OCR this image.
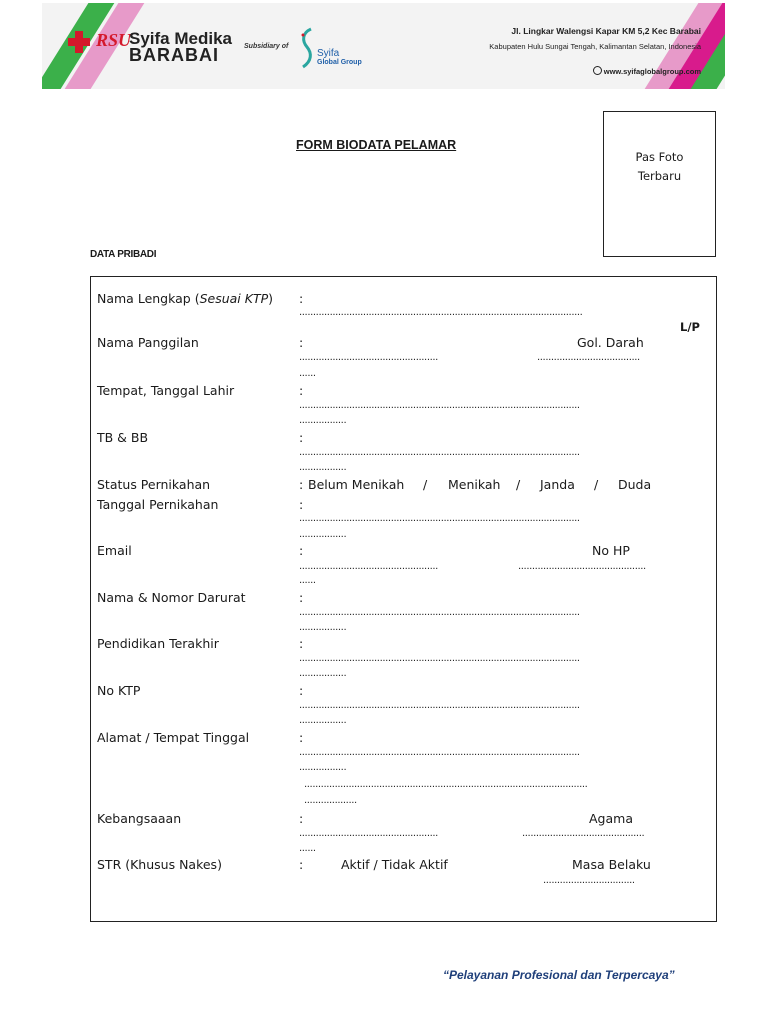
RSU
Syifa Medika
BARABAI	Subsidiary of
Syifa
Global Group
Jl. Lingkar Walengsi Kapar KM 5,2 Kec Barabai
Kabupaten Hulu Sungai Tengah, Kalimantan Selatan, Indonesia
www.syifaglobalgroup.com
FORM BIODATA PELAMAR
Pas Foto
Terbaru
DATA PRIBADI
Nama Lengkap (Sesuai KTP) :
......................................................................................................
L/P
Nama Panggilan	:	Gol. Darah
..................................................	.....................................
......
Tempat, Tanggal Lahir	:
.....................................................................................................
.................
TB & BB	:
.....................................................................................................
.................
Status Pernikahan	: Belum Menikah / Menikah / Janda / Duda
Tanggal Pernikahan	:
.....................................................................................................
.................
Email	:	No HP
..................................................	..............................................
......
Nama & Nomor Darurat	:
.....................................................................................................
.................
Pendidikan Terakhir	:
.....................................................................................................
.................
No KTP	:
.....................................................................................................
.................
Alamat / Tempat Tinggal	:
.....................................................................................................
.................
......................................................................................................
...................
Kebangsaaan	:	Agama
..................................................	............................................
......
STR (Khusus Nakes)	:	Aktif / Tidak Aktif	Masa Belaku
.................................
“Pelayanan Profesional dan Terpercaya”
